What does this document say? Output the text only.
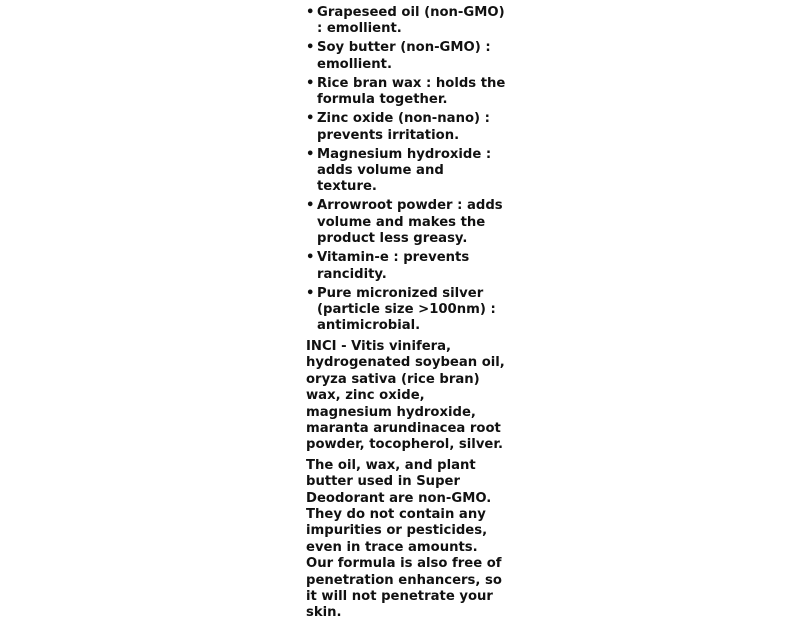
• Grapeseed oil (non-GMO) : emollient.
• Soy butter (non-GMO) : emollient.
• Rice bran wax : holds the formula together.
• Zinc oxide (non-nano) : prevents irritation.
• Magnesium hydroxide : adds volume and texture.
• Arrowroot powder : adds volume and makes the product less greasy.
• Vitamin-e : prevents rancidity.
• Pure micronized silver (particle size >100nm) : antimicrobial.

INCI - Vitis vinifera, hydrogenated soybean oil, oryza sativa (rice bran) wax, zinc oxide, magnesium hydroxide, maranta arundinacea root powder, tocopherol, silver.

The oil, wax, and plant butter used in Super Deodorant are non-GMO. They do not contain any impurities or pesticides, even in trace amounts. Our formula is also free of penetration enhancers, so it will not penetrate your skin.
